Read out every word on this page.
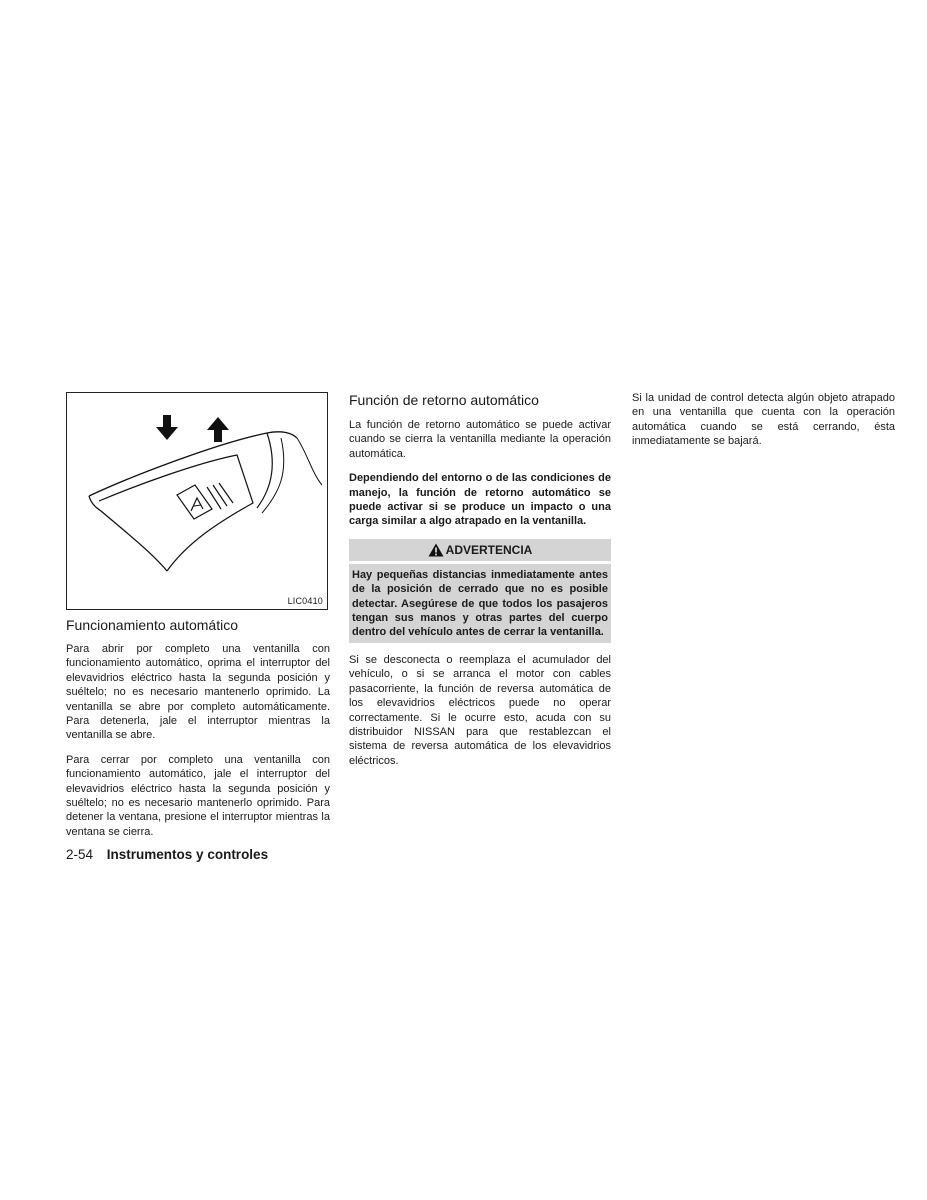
LIC0410
Funcionamiento automático

Para abrir por completo una ventanilla con funcionamiento automático, oprima el interruptor del elevavidrios eléctrico hasta la segunda posición y suéltelo; no es necesario mantenerlo oprimido. La ventanilla se abre por completo automáticamente. Para detenerla, jale el interruptor mientras la ventanilla se abre.

Para cerrar por completo una ventanilla con funcionamiento automático, jale el interruptor del elevavidrios eléctrico hasta la segunda posición y suéltelo; no es necesario mantenerlo oprimido. Para detener la ventana, presione el interruptor mientras la ventana se cierra.

Función de retorno automático

La función de retorno automático se puede activar cuando se cierra la ventanilla mediante la operación automática.

Dependiendo del entorno o de las condiciones de manejo, la función de retorno automático se puede activar si se produce un impacto o una carga similar a algo atrapado en la ventanilla.

ADVERTENCIA
Hay pequeñas distancias inmediatamente antes de la posición de cerrado que no es posible detectar. Asegúrese de que todos los pasajeros tengan sus manos y otras partes del cuerpo dentro del vehículo antes de cerrar la ventanilla.

Si se desconecta o reemplaza el acumulador del vehículo, o si se arranca el motor con cables pasacorriente, la función de reversa automática de los elevavidrios eléctricos puede no operar correctamente. Si le ocurre esto, acuda con su distribuidor NISSAN para que restablezcan el sistema de reversa automática de los elevavidrios eléctricos.

Si la unidad de control detecta algún objeto atrapado en una ventanilla que cuenta con la operación automática cuando se está cerrando, ésta inmediatamente se bajará.

2-54 Instrumentos y controles
